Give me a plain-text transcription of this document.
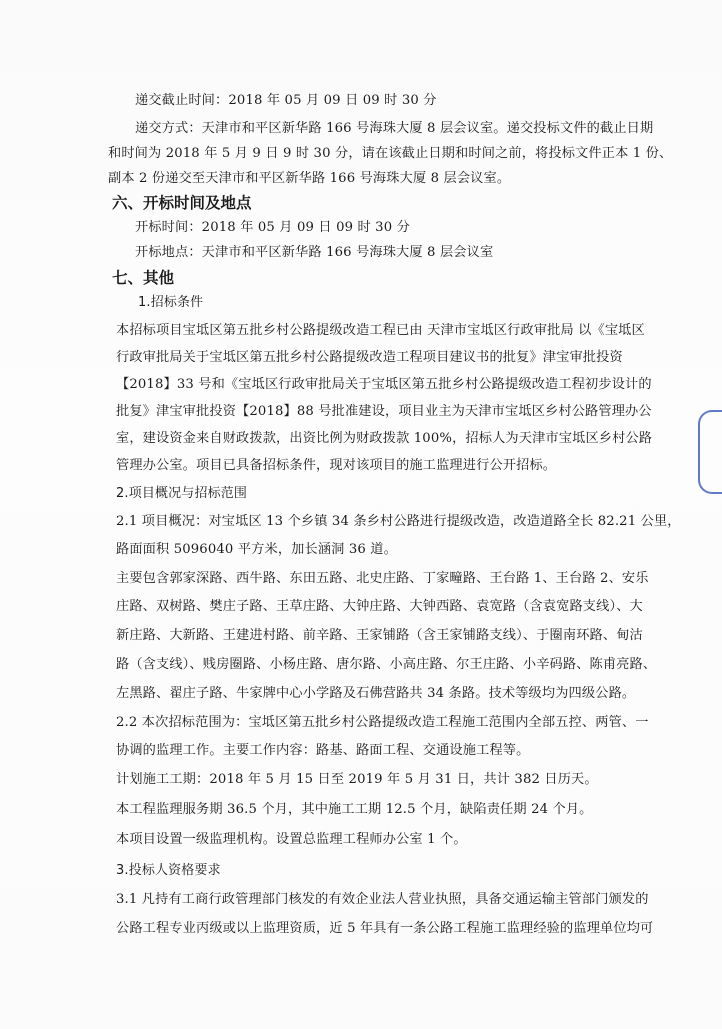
递交截止时间：2018 年 05 月 09 日 09 时 30 分
递交方式：天津市和平区新华路 166 号海珠大厦 8 层会议室。递交投标文件的截止日期
和时间为 2018 年 5 月 9 日 9 时 30 分，请在该截止日期和时间之前，将投标文件正本 1 份、
副本 2 份递交至天津市和平区新华路 166 号海珠大厦 8 层会议室。
六、开标时间及地点
开标时间：2018 年 05 月 09 日 09 时 30 分
开标地点：天津市和平区新华路 166 号海珠大厦 8 层会议室
七、其他
1.招标条件
本招标项目宝坻区第五批乡村公路提级改造工程已由 天津市宝坻区行政审批局 以《宝坻区
行政审批局关于宝坻区第五批乡村公路提级改造工程项目建议书的批复》津宝审批投资
【2018】33 号和《宝坻区行政审批局关于宝坻区第五批乡村公路提级改造工程初步设计的
批复》津宝审批投资【2018】88 号批准建设，项目业主为天津市宝坻区乡村公路管理办公
室，建设资金来自财政拨款，出资比例为财政拨款 100%，招标人为天津市宝坻区乡村公路
管理办公室。项目已具备招标条件，现对该项目的施工监理进行公开招标。
2.项目概况与招标范围
2.1 项目概况：对宝坻区 13 个乡镇 34 条乡村公路进行提级改造，改造道路全长 82.21 公里，
路面面积 5096040 平方米，加长涵洞 36 道。
主要包含郭家深路、西牛路、东田五路、北史庄路、丁家疃路、王台路 1、王台路 2、安乐
庄路、双树路、樊庄子路、王草庄路、大钟庄路、大钟西路、袁宽路（含袁宽路支线）、大
新庄路、大新路、王建进村路、前辛路、王家铺路（含王家铺路支线）、于圈南环路、甸沽
路（含支线）、贱房圈路、小杨庄路、唐尔路、小高庄路、尔王庄路、小辛码路、陈甫亮路、
左黑路、翟庄子路、牛家牌中心小学路及石佛营路共 34 条路。技术等级均为四级公路。
2.2 本次招标范围为：宝坻区第五批乡村公路提级改造工程施工范围内全部五控、两管、一
协调的监理工作。主要工作内容：路基、路面工程、交通设施工程等。
计划施工工期：2018 年 5 月 15 日至 2019 年 5 月 31 日，共计 382 日历天。
本工程监理服务期 36.5 个月，其中施工工期 12.5 个月，缺陷责任期 24 个月。
本项目设置一级监理机构。设置总监理工程师办公室 1 个。
3.投标人资格要求
3.1 凡持有工商行政管理部门核发的有效企业法人营业执照，具备交通运输主管部门颁发的
公路工程专业丙级或以上监理资质，近 5 年具有一条公路工程施工监理经验的监理单位均可
